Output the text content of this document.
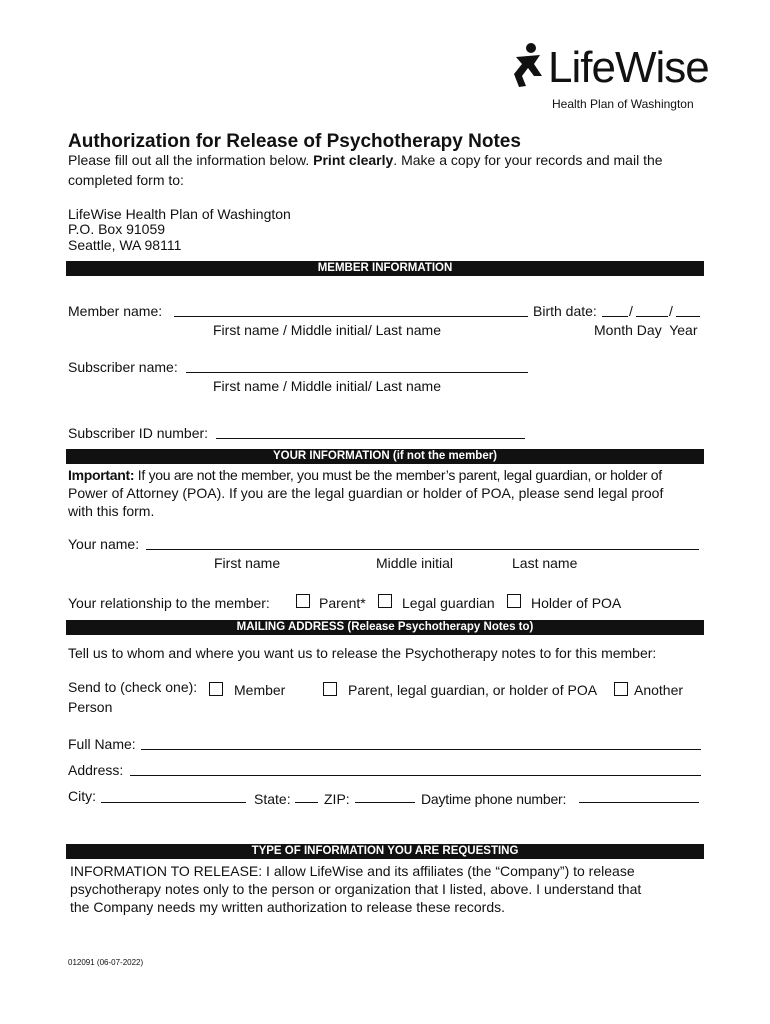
LifeWise
Health Plan of Washington
Authorization for Release of Psychotherapy Notes
Please fill out all the information below. Print clearly. Make a copy for your records and mail the
completed form to:
LifeWise Health Plan of Washington
P.O. Box 91059
Seattle, WA 98111
MEMBER INFORMATION
Member name:	Birth date: /	/
First name / Middle initial/ Last name	Month Day  Year
Subscriber name:
First name / Middle initial/ Last name
Subscriber ID number:
YOUR INFORMATION (if not the member)
Important: If you are not the member, you must be the member’s parent, legal guardian, or holder of
Power of Attorney (POA). If you are the legal guardian or holder of POA, please send legal proof
with this form.
Your name:
First name	Middle initial	Last name
Your relationship to the member:	Parent*	Legal guardian	Holder of POA
MAILING ADDRESS (Release Psychotherapy Notes to)
Tell us to whom and where you want us to release the Psychotherapy notes to for this member:
Send to (check one):	Member	Parent, legal guardian, or holder of POA	Another
Person
Full Name:
Address:
City:	State: ZIP:	Daytime phone number:
TYPE OF INFORMATION YOU ARE REQUESTING
INFORMATION TO RELEASE: I allow LifeWise and its affiliates (the “Company”) to release
psychotherapy notes only to the person or organization that I listed, above. I understand that
the Company needs my written authorization to release these records.
012091 (06-07-2022)
